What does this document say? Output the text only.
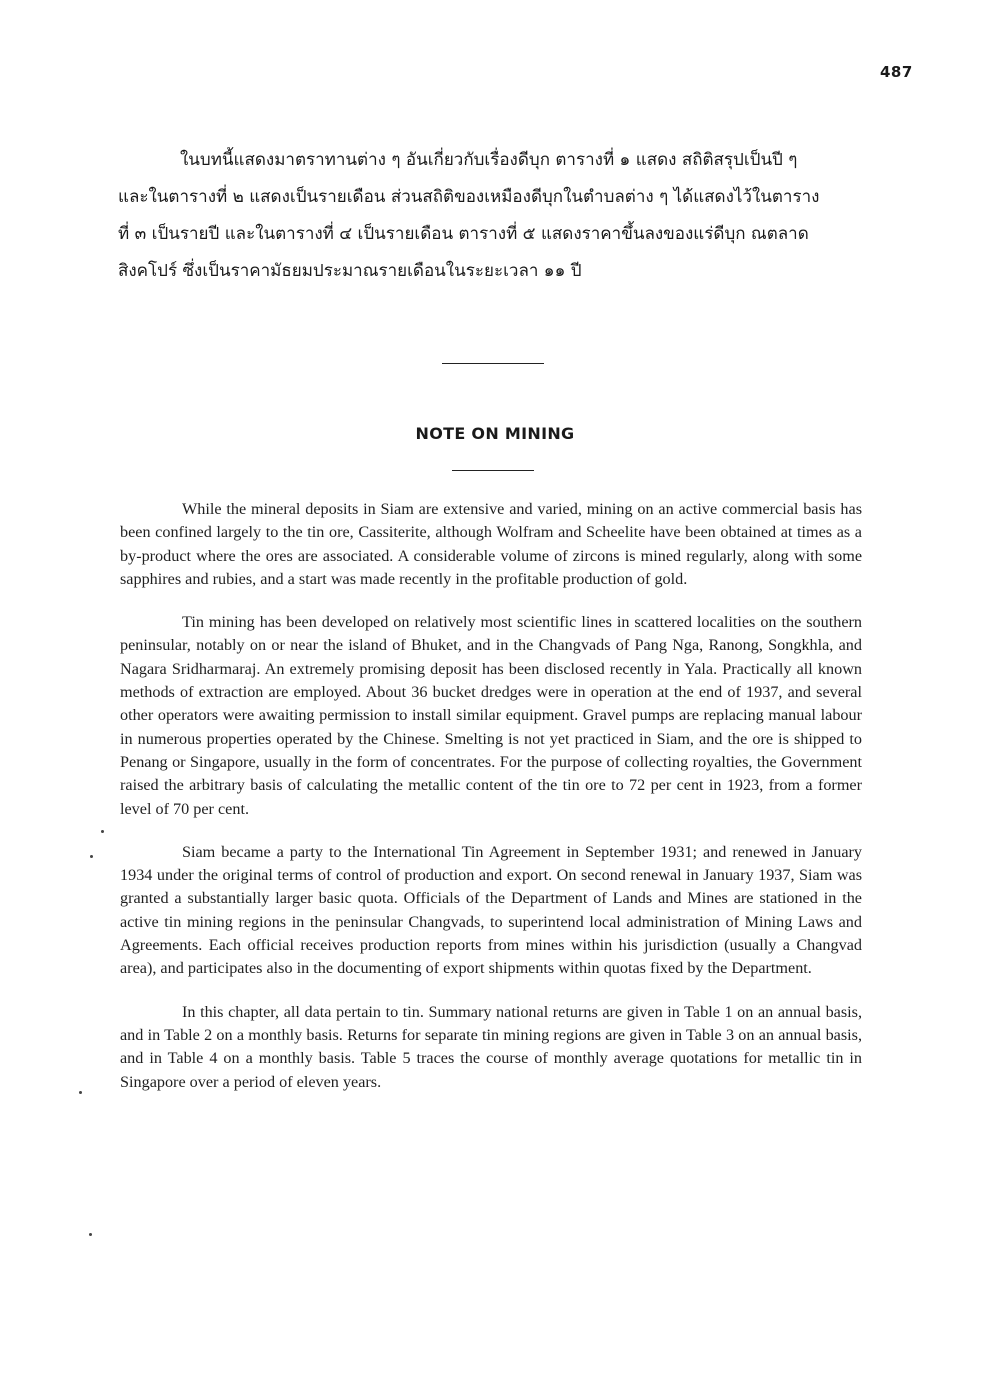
487
ในบทนี้แสดงมาตราทานต่าง ๆ อันเกี่ยวกับเรื่องดีบุก ตารางที่ ๑ แสดง สถิติสรุปเป็นปี ๆ
และในตารางที่ ๒ แสดงเป็นรายเดือน ส่วนสถิติของเหมืองดีบุกในตำบลต่าง ๆ ได้แสดงไว้ในตาราง
ที่ ๓ เป็นรายปี และในตารางที่ ๔ เป็นรายเดือน ตารางที่ ๕ แสดงราคาขึ้นลงของแร่ดีบุก ณตลาด
สิงคโปร์ ซึ่งเป็นราคามัธยมประมาณรายเดือนในระยะเวลา ๑๑ ปี
NOTE ON MINING

While the mineral deposits in Siam are extensive and varied, mining on an active commercial basis has been confined largely to the tin ore, Cassiterite, although Wolfram and Scheelite have been obtained at times as a by-product where the ores are associated. A considerable volume of zircons is mined regularly, along with some sapphires and rubies, and a start was made recently in the profitable production of gold.

Tin mining has been developed on relatively most scientific lines in scattered localities on the southern peninsular, notably on or near the island of Bhuket, and in the Changvads of Pang Nga, Ranong, Songkhla, and Nagara Sridharmaraj. An extremely promising deposit has been disclosed recently in Yala. Practically all known methods of extraction are employed. About 36 bucket dredges were in operation at the end of 1937, and several other operators were awaiting permission to install similar equipment. Gravel pumps are replacing manual labour in numerous properties operated by the Chinese. Smelting is not yet practiced in Siam, and the ore is shipped to Penang or Singapore, usually in the form of concentrates. For the purpose of collecting royalties, the Government raised the arbitrary basis of calculating the metallic content of the tin ore to 72 per cent in 1923, from a former level of 70 per cent.

Siam became a party to the International Tin Agreement in September 1931; and renewed in January 1934 under the original terms of control of production and export. On second renewal in January 1937, Siam was granted a substantially larger basic quota. Officials of the Department of Lands and Mines are stationed in the active tin mining regions in the peninsular Changvads, to superintend local administration of Mining Laws and Agreements. Each official receives production reports from mines within his jurisdiction (usually a Changvad area), and participates also in the documenting of export shipments within quotas fixed by the Department.

In this chapter, all data pertain to tin. Summary national returns are given in Table 1 on an annual basis, and in Table 2 on a monthly basis. Returns for separate tin mining regions are given in Table 3 on an annual basis, and in Table 4 on a monthly basis. Table 5 traces the course of monthly average quotations for metallic tin in Singapore over a period of eleven years.
